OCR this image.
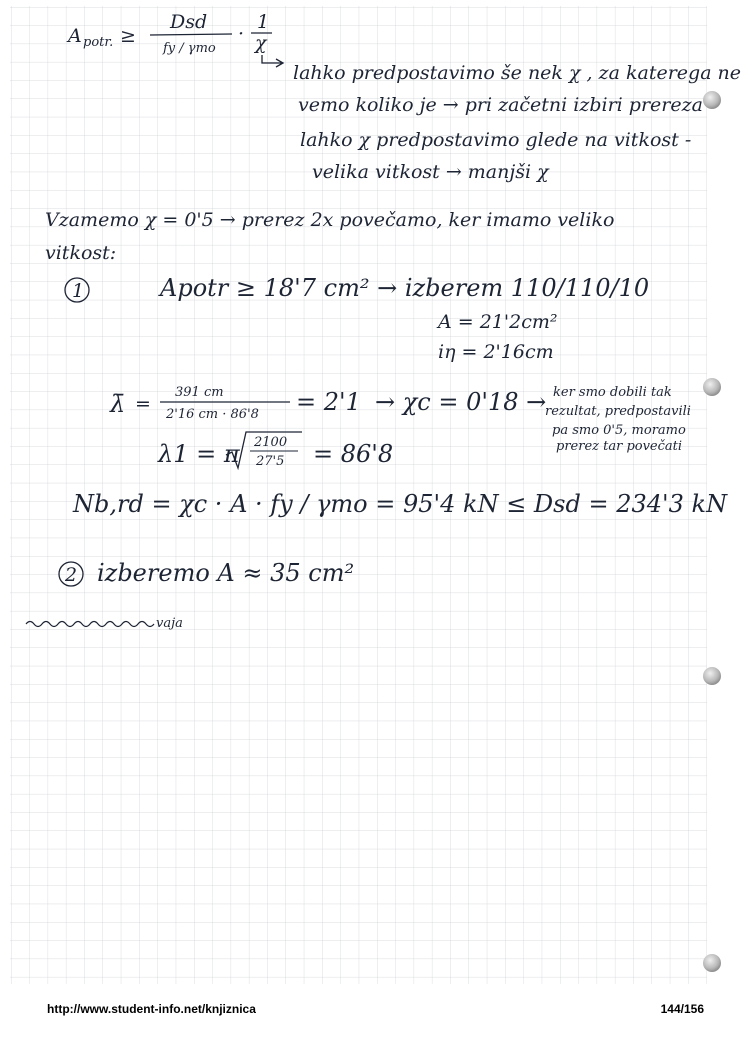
A potr. ≥
Dsd
fy / γmo
·
1
χ
lahko predpostavimo še nek χ , za katerega ne
vemo koliko je → pri začetni izbiri prereza
lahko χ predpostavimo glede na vitkost -
velika vitkost → manjši χ
Vzamemo χ = 0'5 → prerez 2x povečamo, ker imamo veliko
vitkost:
1	Apotr ≥ 18'7 cm² → izberem 110/110/10
A = 21'2cm²
iη = 2'16cm
λ̄ =
391 cm
2'16 cm · 86'8 = 2'1 → χc = 0'18 → ker smo dobili tak
rezultat, predpostavili
pa smo 0'5, moramo
prerez tar povečati
λ1 = π 2100
27'5 = 86'8
Nb,rd = χc · A · fy / γmo = 95'4 kN ≤ Dsd = 234'3 kN
2 izberemo A ≈ 35 cm²
vaja
http://www.student-info.net/knjiznica	144/156
